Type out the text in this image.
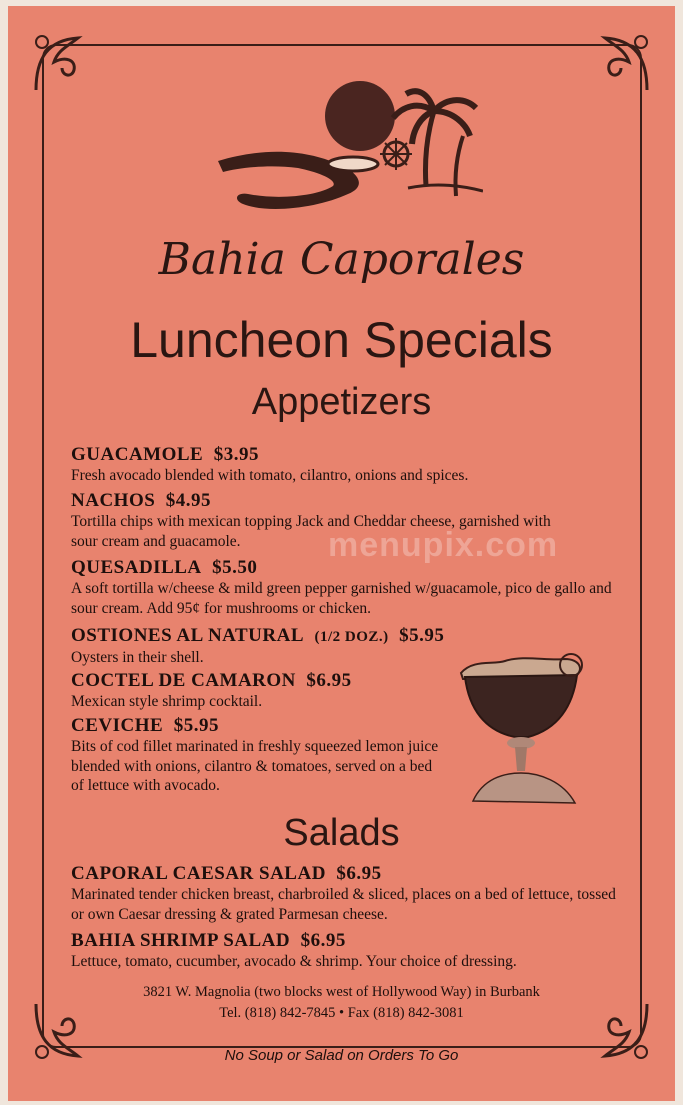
menupix.com
Bahia Caporales
Luncheon Specials
Appetizers
GUACAMOLE $3.95
Fresh avocado blended with tomato, cilantro, onions and spices.
NACHOS $4.95
Tortilla chips with mexican topping Jack and Cheddar cheese, garnished with sour cream and guacamole.
QUESADILLA $5.50
A soft tortilla w/cheese & mild green pepper garnished w/guacamole, pico de gallo and sour cream. Add 95¢ for mushrooms or chicken.
OSTIONES AL NATURAL (1/2 DOZ.) $5.95
Oysters in their shell.
COCTEL DE CAMARON $6.95
Mexican style shrimp cocktail.
CEVICHE $5.95
Bits of cod fillet marinated in freshly squeezed lemon juice blended with onions, cilantro & tomatoes, served on a bed of lettuce with avocado.
Salads
CAPORAL CAESAR SALAD $6.95
Marinated tender chicken breast, charbroiled & sliced, places on a bed of lettuce, tossed or own Caesar dressing & grated Parmesan cheese.
BAHIA SHRIMP SALAD $6.95
Lettuce, tomato, cucumber, avocado & shrimp. Your choice of dressing.
3821 W. Magnolia (two blocks west of Hollywood Way) in Burbank
Tel. (818) 842-7845 • Fax (818) 842-3081
No Soup or Salad on Orders To Go
